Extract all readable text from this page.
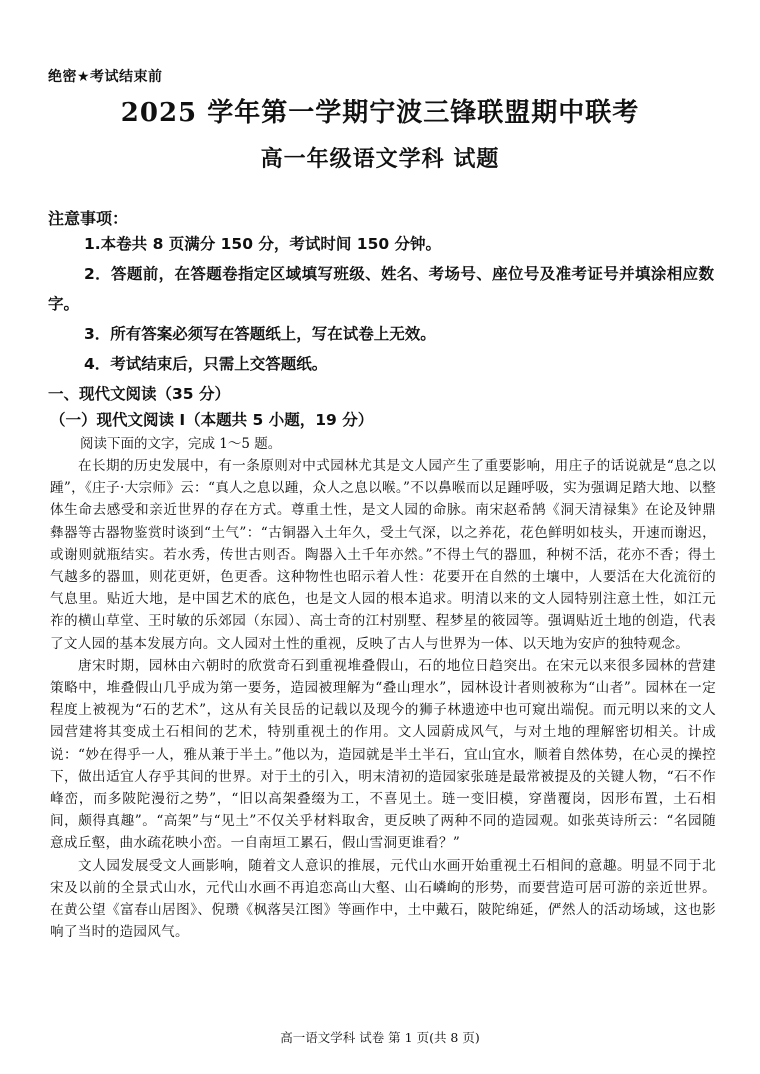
绝密★考试结束前
2025 学年第一学期宁波三锋联盟期中联考
高一年级语文学科 试题
注意事项：

1.本卷共 8 页满分 150 分，考试时间 150 分钟。

2．答题前，在答题卷指定区域填写班级、姓名、考场号、座位号及准考证号并填涂相应数字。

3．所有答案必须写在答题纸上，写在试卷上无效。

4．考试结束后，只需上交答题纸。

一、现代文阅读（35 分）
（一）现代文阅读 I（本题共 5 小题，19 分）
阅读下面的文字，完成 1～5 题。

在长期的历史发展中，有一条原则对中式园林尤其是文人园产生了重要影响，用庄子的话说就是“息之以踵”，《庄子·大宗师》云：“真人之息以踵，众人之息以喉。”不以鼻喉而以足踵呼吸，实为强调足踏大地、以整体生命去感受和亲近世界的存在方式。尊重土性，是文人园的命脉。南宋赵希鹄《洞天清禄集》在论及钟鼎彝器等古器物鉴赏时谈到“土气”：“古铜器入土年久，受土气深，以之养花，花色鲜明如枝头，开速而谢迟，或谢则就瓶结实。若水秀，传世古则否。陶器入土千年亦然。”不得土气的器皿，种树不活，花亦不香；得土气越多的器皿，则花更妍，色更香。这种物性也昭示着人性：花要开在自然的土壤中，人要活在大化流衍的气息里。贴近大地，是中国艺术的底色，也是文人园的根本追求。明清以来的文人园特别注意土性，如江元祚的横山草堂、王时敏的乐郊园（东园）、高士奇的江村别墅、程梦星的筱园等。强调贴近土地的创造，代表了文人园的基本发展方向。文人园对土性的重视，反映了古人与世界为一体、以天地为安庐的独特观念。

唐宋时期，园林由六朝时的欣赏奇石到重视堆叠假山，石的地位日趋突出。在宋元以来很多园林的营建策略中，堆叠假山几乎成为第一要务，造园被理解为“叠山理水”，园林设计者则被称为“山者”。园林在一定程度上被视为“石的艺术”，这从有关艮岳的记载以及现今的狮子林遗迹中也可窥出端倪。而元明以来的文人园营建将其变成土石相间的艺术，特别重视土的作用。文人园蔚成风气，与对土地的理解密切相关。计成说：“妙在得乎一人，雅从兼于半土。”他以为，造园就是半土半石，宜山宜水，顺着自然体势，在心灵的操控下，做出适宜人存乎其间的世界。对于土的引入，明末清初的造园家张琏是最常被提及的关键人物，“石不作峰峦，而多陂陀漫衍之势”，“旧以高架叠缀为工，不喜见土。琏一变旧模，穿凿覆岗，因形布置，土石相间，颇得真趣”。“高架”与“见土”不仅关乎材料取舍，更反映了两种不同的造园观。如张英诗所云：“名园随意成丘壑，曲水疏花映小峦。一自南垣工累石，假山雪洞更谁看？”

文人园发展受文人画影响，随着文人意识的推展，元代山水画开始重视土石相间的意趣。明显不同于北宋及以前的全景式山水，元代山水画不再追恋高山大壑、山石嶙峋的形势，而要营造可居可游的亲近世界。在黄公望《富春山居图》、倪瓒《枫落吴江图》等画作中，土中戴石，陂陀绵延，俨然人的活动场域，这也影响了当时的造园风气。

高一语文学科 试卷 第 1 页(共 8 页)
